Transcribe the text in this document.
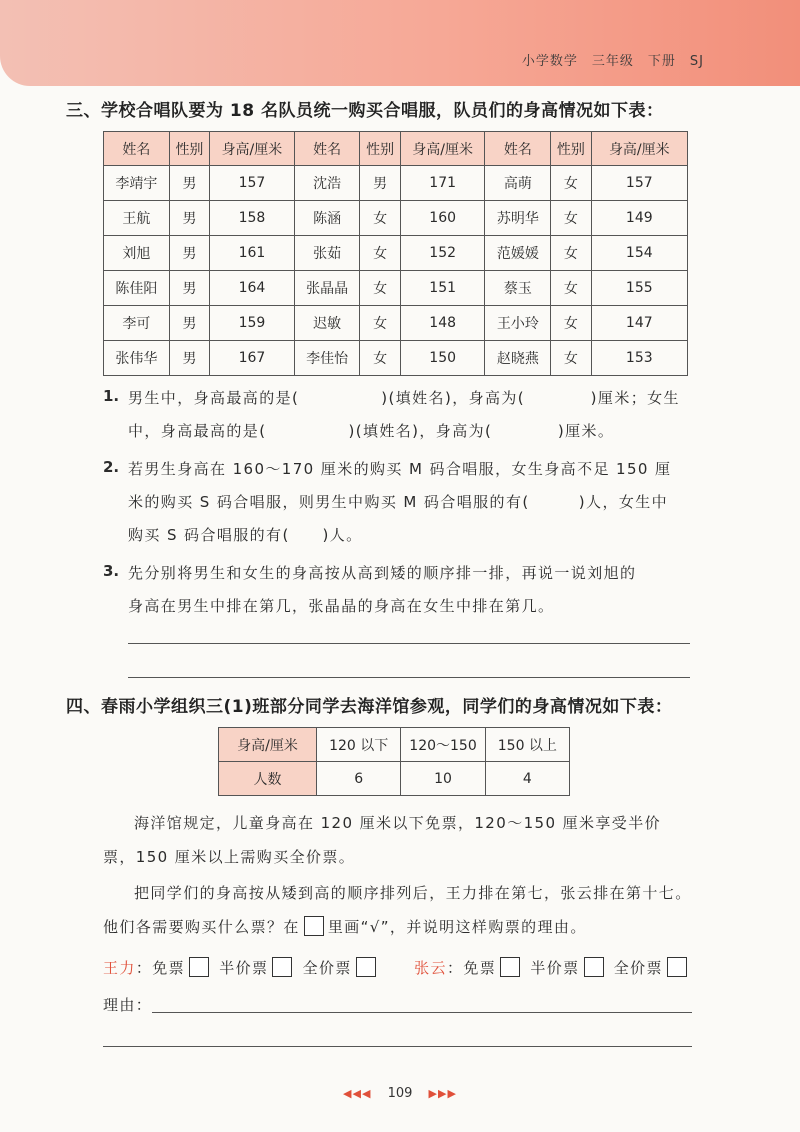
小学数学　三年级　下册　SJ
三、学校合唱队要为 18 名队员统一购买合唱服，队员们的身高情况如下表：
姓名	性别	身高/厘米	姓名	性别	身高/厘米	姓名	性别	身高/厘米
李靖宇	男	157	沈浩	男	171	高萌	女	157
王航	男	158	陈涵	女	160	苏明华	女	149
刘旭	男	161	张茹	女	152	范媛媛	女	154
陈佳阳	男	164	张晶晶	女	151	蔡玉	女	155
李可	男	159	迟敏	女	148	王小玲	女	147
张伟华	男	167	李佳怡	女	150	赵晓燕	女	153
1. 男生中，身高最高的是(　　　　　)(填姓名)，身高为(　　　　)厘米；女生
中，身高最高的是(　　　　　)(填姓名)，身高为(　　　　)厘米。
2. 若男生身高在 160～170 厘米的购买 M 码合唱服，女生身高不足 150 厘
米的购买 S 码合唱服，则男生中购买 M 码合唱服的有(　　　)人，女生中
购买 S 码合唱服的有(　　)人。
3. 先分别将男生和女生的身高按从高到矮的顺序排一排，再说一说刘旭的
身高在男生中排在第几，张晶晶的身高在女生中排在第几。
四、春雨小学组织三(1)班部分同学去海洋馆参观，同学们的身高情况如下表：
身高/厘米	120 以下	120～150	150 以上
人数	6	10	4
海洋馆规定，儿童身高在 120 厘米以下免票，120～150 厘米享受半价
票，150 厘米以上需购买全价票。
把同学们的身高按从矮到高的顺序排列后，王力排在第七，张云排在第十七。
他们各需要购买什么票？在 里画“√”，并说明这样购票的理由。
王力：免票 半价票 全价票	张云：免票 半价票 全价票
理由：
◀◀◀ 109 ▶▶▶
